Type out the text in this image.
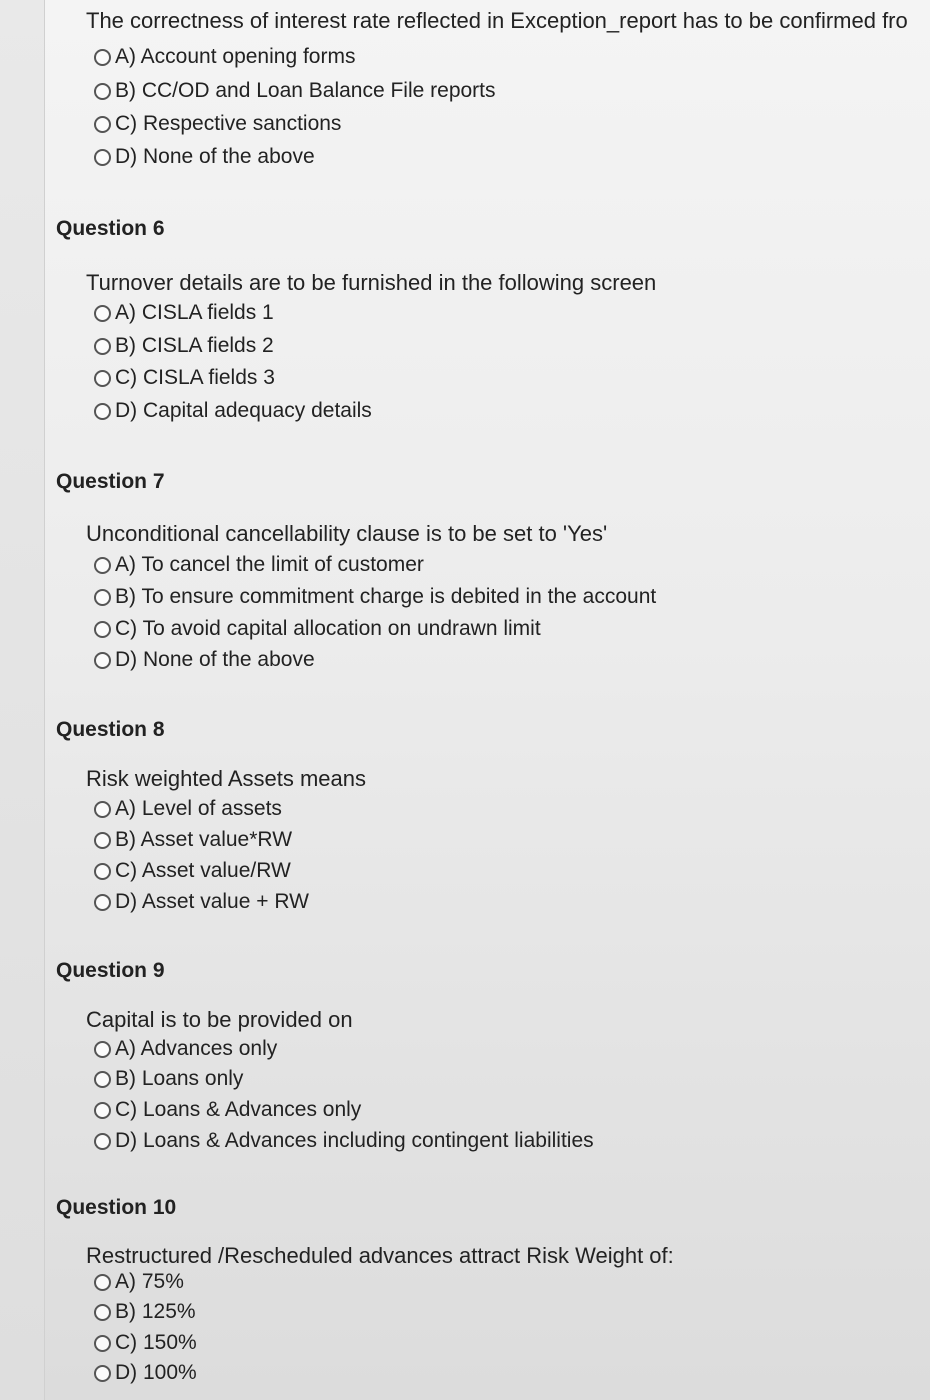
The correctness of interest rate reflected in Exception_report has to be confirmed fro
A) Account opening forms
B) CC/OD and Loan Balance File reports
C) Respective sanctions
D) None of the above
Question 6
Turnover details are to be furnished in the following screen
A) CISLA fields 1
B) CISLA fields 2
C) CISLA fields 3
D) Capital adequacy details
Question 7
Unconditional cancellability clause is to be set to 'Yes'
A) To cancel the limit of customer
B) To ensure commitment charge is debited in the account
C) To avoid capital allocation on undrawn limit
D) None of the above
Question 8
Risk weighted Assets means
A) Level of assets
B) Asset value*RW
C) Asset value/RW
D) Asset value + RW
Question 9
Capital is to be provided on
A) Advances only
B) Loans only
C) Loans & Advances only
D) Loans & Advances including contingent liabilities
Question 10
Restructured /Rescheduled advances attract Risk Weight of:
A) 75%
B) 125%
C) 150%
D) 100%
